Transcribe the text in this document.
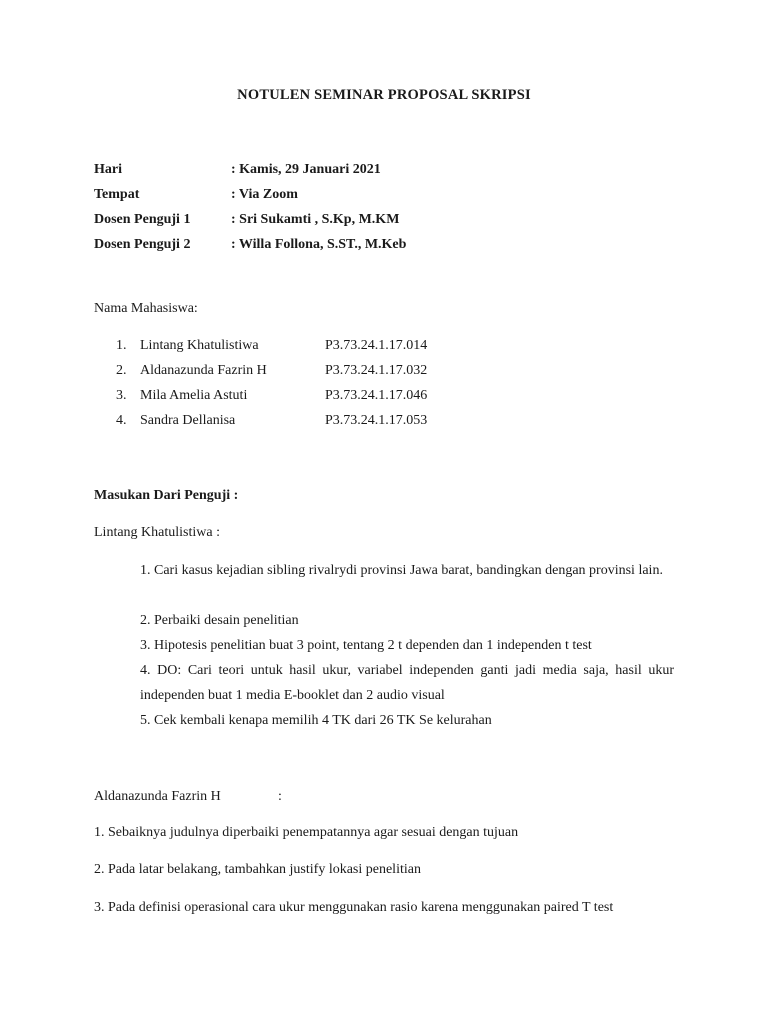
NOTULEN SEMINAR PROPOSAL SKRIPSI
Hari	: Kamis, 29 Januari 2021
Tempat	: Via Zoom
Dosen Penguji 1	: Sri Sukamti , S.Kp, M.KM
Dosen Penguji 2	: Willa Follona, S.ST., M.Keb
Nama Mahasiswa:
1. Lintang Khatulistiwa	P3.73.24.1.17.014
2. Aldanazunda Fazrin H	P3.73.24.1.17.032
3. Mila Amelia Astuti	P3.73.24.1.17.046
4. Sandra Dellanisa	P3.73.24.1.17.053
Masukan Dari Penguji :
Lintang Khatulistiwa :
1. Cari kasus kejadian sibling rivalrydi provinsi Jawa barat, bandingkan dengan provinsi lain.
2. Perbaiki desain penelitian
3. Hipotesis penelitian buat 3 point, tentang 2 t dependen dan 1 independen t test
4. DO: Cari teori untuk hasil ukur, variabel independen ganti jadi media saja, hasil ukur independen buat 1 media E-booklet dan 2 audio visual
5. Cek kembali kenapa memilih 4 TK dari 26 TK Se kelurahan
Aldanazunda Fazrin H	:
1. Sebaiknya judulnya diperbaiki penempatannya agar sesuai dengan tujuan
2. Pada latar belakang, tambahkan justify lokasi penelitian
3. Pada definisi operasional cara ukur menggunakan rasio karena menggunakan paired T test
